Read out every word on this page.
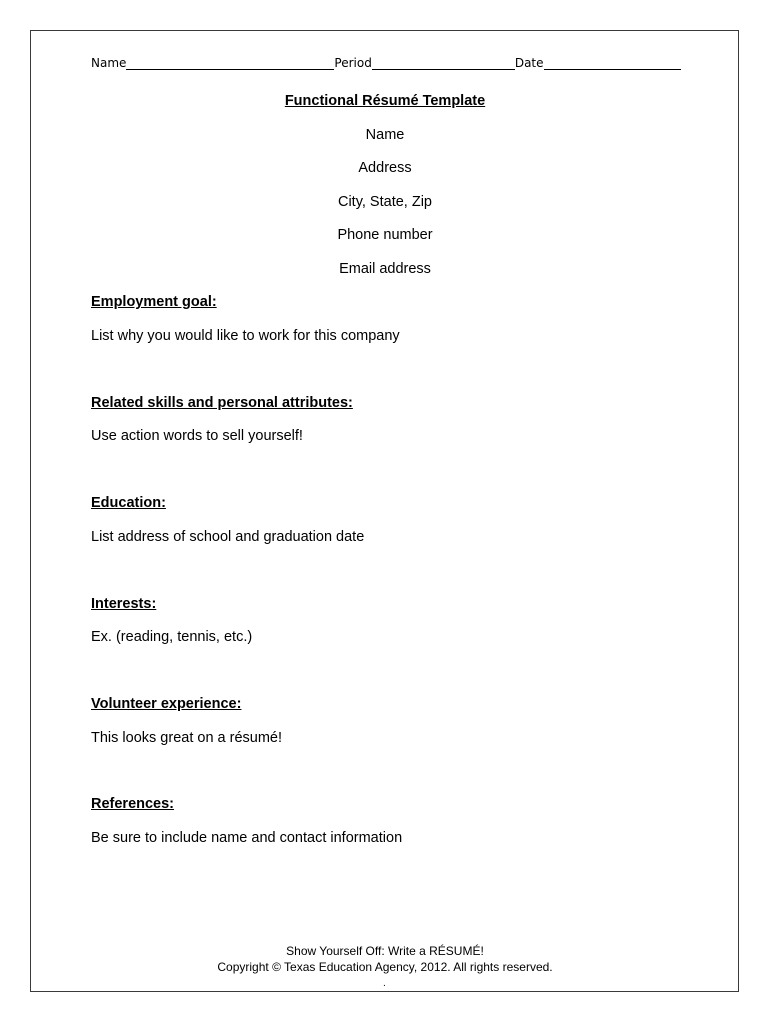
Name	Period	Date
Functional Résumé Template
Name
Address
City, State, Zip
Phone number
Email address
Employment goal:
List why you would like to work for this company
Related skills and personal attributes:
Use action words to sell yourself!
Education:
List address of school and graduation date
Interests:
Ex. (reading, tennis, etc.)
Volunteer experience:
This looks great on a résumé!
References:
Be sure to include name and contact information
Show Yourself Off: Write a RÉSUMÉ!
Copyright © Texas Education Agency, 2012. All rights reserved.
.
